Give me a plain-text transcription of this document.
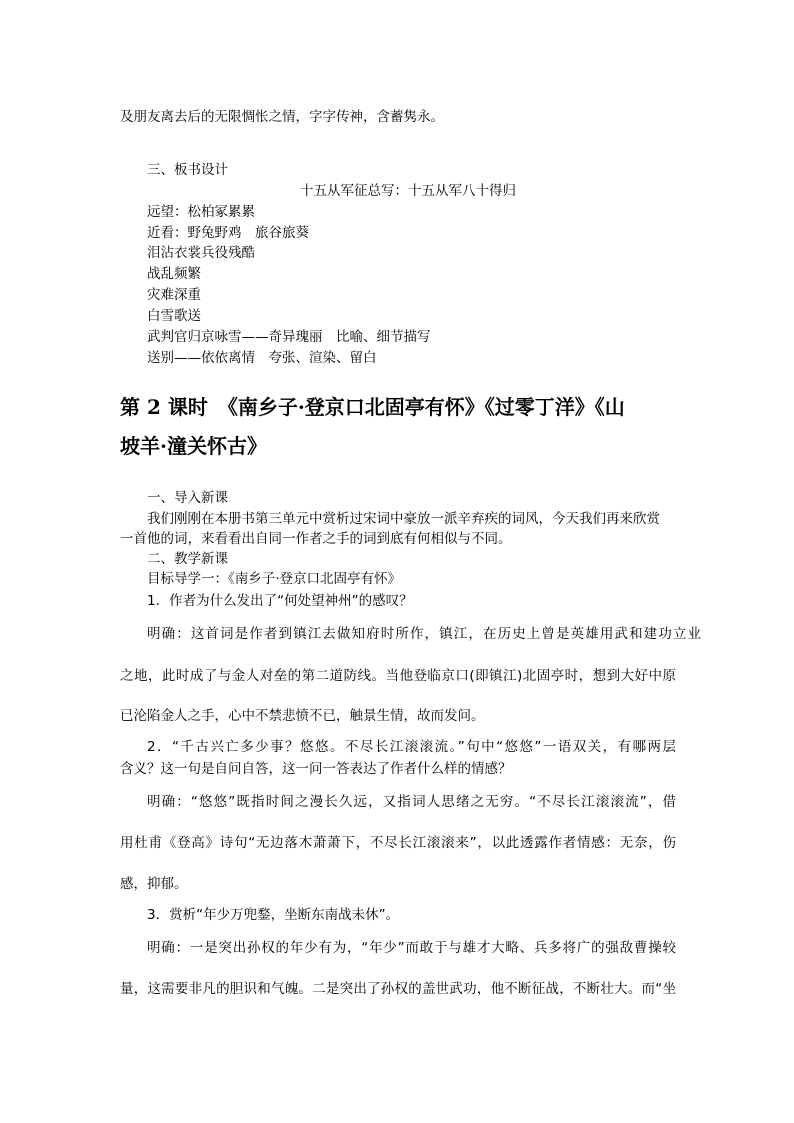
及朋友离去后的无限惆怅之情，字字传神，含蓄隽永。
三、板书设计
十五从军征总写：十五从军八十得归
远望：松柏冢累累
近看：野兔野鸡　旅谷旅葵
泪沾衣裳兵役残酷
战乱频繁
灾难深重
白雪歌送
武判官归京咏雪——奇异瑰丽　比喻、细节描写
送别——依依离情　夸张、渲染、留白
第 2 课时　《南乡子·登京口北固亭有怀》《过零丁洋》《山
坡羊·潼关怀古》
一、导入新课
我们刚刚在本册书第三单元中赏析过宋词中豪放一派辛弃疾的词风，今天我们再来欣赏
一首他的词，来看看出自同一作者之手的词到底有何相似与不同。
二、教学新课
目标导学一：《南乡子·登京口北固亭有怀》
1．作者为什么发出了“何处望神州”的感叹？
明确：这首词是作者到镇江去做知府时所作，镇江，在历史上曾是英雄用武和建功立业
之地，此时成了与金人对垒的第二道防线。当他登临京口(即镇江)北固亭时，想到大好中原
已沦陷金人之手，心中不禁悲愤不已，触景生情，故而发问。
2．“千古兴亡多少事？悠悠。不尽长江滚滚流。”句中“悠悠”一语双关，有哪两层
含义？这一句是自问自答，这一问一答表达了作者什么样的情感？
明确：“悠悠”既指时间之漫长久远，又指词人思绪之无穷。“不尽长江滚滚流”，借
用杜甫《登高》诗句“无边落木萧萧下，不尽长江滚滚来”，以此透露作者情感：无奈，伤
感，抑郁。
3．赏析“年少万兜鍪，坐断东南战未休”。
明确：一是突出孙权的年少有为，“年少”而敢于与雄才大略、兵多将广的强敌曹操较
量，这需要非凡的胆识和气魄。二是突出了孙权的盖世武功，他不断征战，不断壮大。而“坐
